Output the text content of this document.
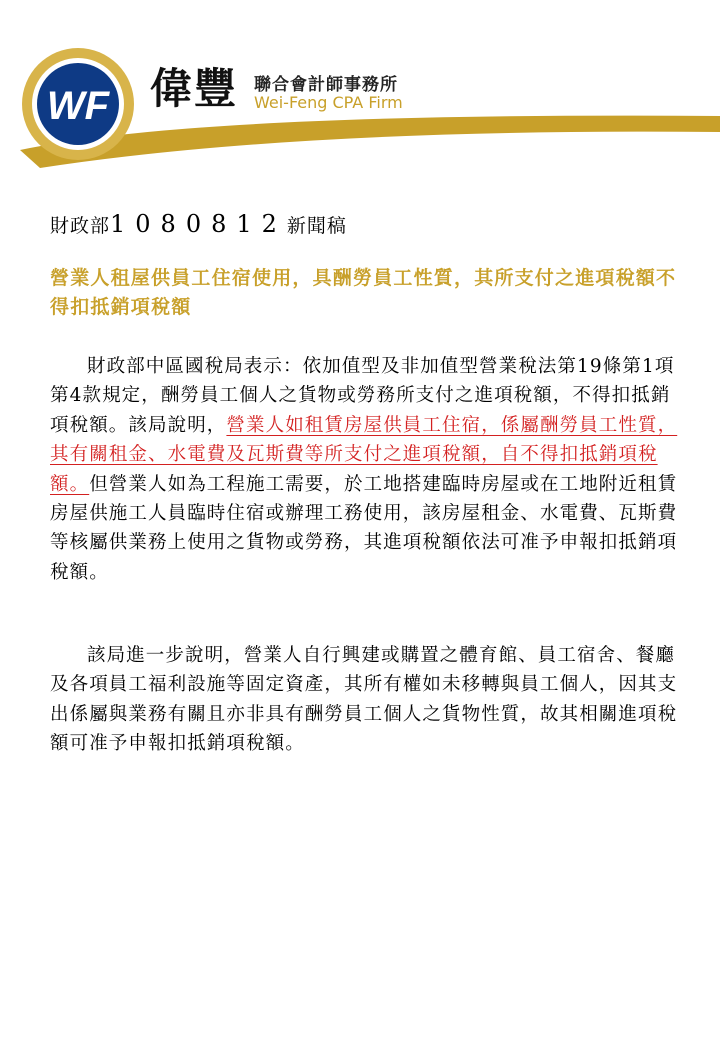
WF 偉豐 聯合會計師事務所
Wei-Feng CPA Firm
財政部1080812新聞稿
營業人租屋供員工住宿使用，具酬勞員工性質，其所支付之進項稅額不得扣抵銷項稅額

財政部中區國稅局表示：依加值型及非加值型營業稅法第19條第1項第4款規定，酬勞員工個人之貨物或勞務所支付之進項稅額，不得扣抵銷項稅額。該局說明，營業人如租賃房屋供員工住宿，係屬酬勞員工性質，其有關租金、水電費及瓦斯費等所支付之進項稅額，自不得扣抵銷項稅額。但營業人如為工程施工需要，於工地搭建臨時房屋或在工地附近租賃房屋供施工人員臨時住宿或辦理工務使用，該房屋租金、水電費、瓦斯費等核屬供業務上使用之貨物或勞務，其進項稅額依法可准予申報扣抵銷項稅額。

該局進一步說明，營業人自行興建或購置之體育館、員工宿舍、餐廳及各項員工福利設施等固定資產，其所有權如未移轉與員工個人，因其支出係屬與業務有關且亦非具有酬勞員工個人之貨物性質，故其相關進項稅額可准予申報扣抵銷項稅額。
